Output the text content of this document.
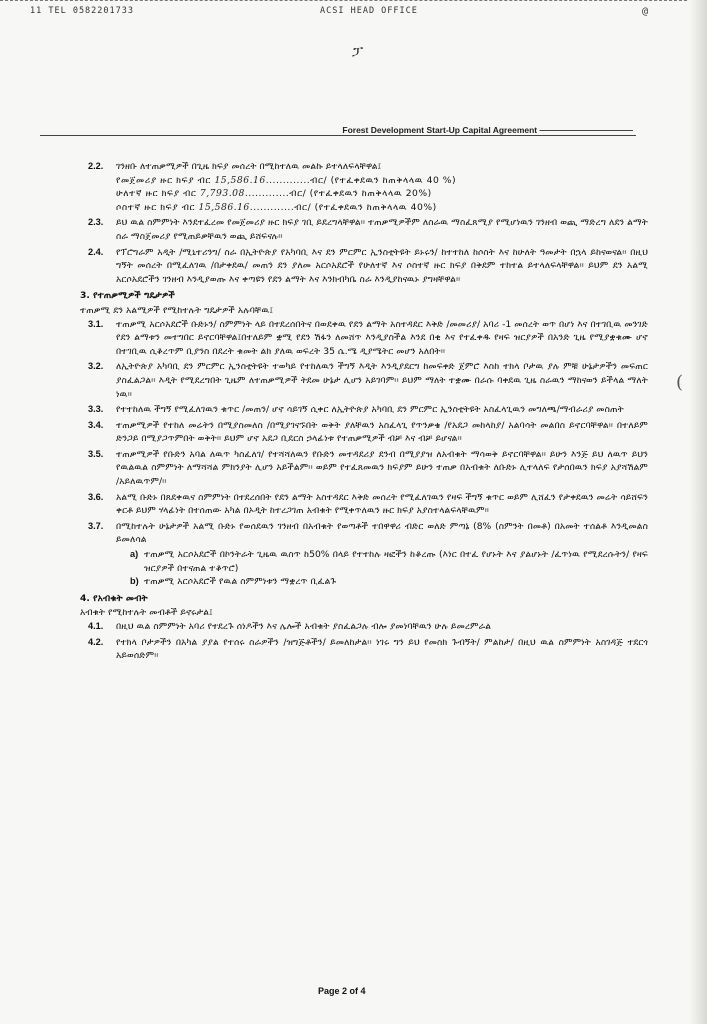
11 TEL 0582201733	ACSI HEAD OFFICE	@
ፓ
Forest Development Start-Up Capital Agreement ———————————
2.2. ገንዘቡ ለተጠቃሚዎች በጊዜ ክፍያ መሰረት በሚከተለዉ መልኩ ይተላለፍላቸዋል፤

የመጀመሪያ ዙር ክፍያ ብር 15,586.16.............ብር/ (የተፈቀደዉን ከጠቅላላዉ 40 %)

ሁለተኛ ዙር ክፍያ ብር 7,793.08.............ብር/ (የተፈቀደዉን ከጠቅላላዉ 20%)

ሶስተኛ ዙር ክፍያ ብር 15,586.16.............ብር/ (የተፈቀደዉን ከጠቅላላዉ 40%)

2.3. ይህ ዉል ስምምነት እንደተፈረመ የመጀመሪያ ዙር ክፍያ ገቢ ይደረግላቸዋል፡፡ ተጠቃሚዎችም ለስራዉ ማስፈጸሚያ የሚሆነዉን ገንዘብ ወጪ ማድረግ ለደን ልማት ስራ ማስጀመሪያ የሚጠይቃቸዉን ወጪ ይሸፍናሉ፡፡

2.4. የፕሮግራም አዲት /ሚኒተሪንግ/ ስራ በኢትዮጵያ የአካባቢ እና ደን ምርምር ኢንስቲትዩት ይኑሩን/ ከተተከለ ከሶስት እና ከሁለት ዓመታት በኋላ ይከናወናል፡፡ በዚህ ግኝት መሰረት በሚፈለገዉ /በታቀደዉ/ መጠን ደን ያለመ አርሶአደሮች የሁለተኛ እና ሶስተኛ ዙር ክፍያ በቅደም ተከተል ይተላለፍላቸዋል፡፡ ይህም ደን አልሚ አርሶአደሮችን ገንዘብ እንዲያወጡ እና ቀጣዩን የደን ልማት እና እንክብካቤ ስራ እንዲያከናዉኑ ያግዛቸዋል፡፡

3. የተጠቃሚዎች ግዴታዎች
ተጠቃሚ ደን አልሚዎች የሚከተሉት ግዴታዎች አሉባቸዉ፤
3.1. ተጠቃሚ አርሶአደሮች ቡድኑን/ ስምምነት ላይ በተደረሰበትና በወደቀዉ የደን ልማት አስተዳደር እቅድ /መመሪያ/ አባሪ -1 መሰረት ወጥ በሆነ እና በተገቢዉ መንገድ የደን ልማቱን መተግበር ይኖርባቸዋል፤በተለይም ቋሚ የደን ሽፋን ለመሸጥ እንዲያስችል እንደ በቂ እና የተፈቀዱ የዛፍ ዝርያዎች በአንድ ጊዜ የሚያቋቁሙ ሆኖ በተገቢዉ ሲቆረጥም ቢያንስ በደረት ቁመት ልክ ያለዉ ወፍረት 35 ሴ.ሜ ዲያሜትር መሆን አለበት፡፡

3.2. ለኢትዮጵያ አካባቢ ደን ምርምር ኢንስቲትዩት ተወካይ የተከለዉን ችግኝ እዲት እንዲያደርግ ከመፍቀድ ጀምሮ እስከ ተክላ ቦታዉ ያሉ ምቹ ሁኔታዎችን መፍጠር ያስፈልጋል፡፡ እዲት የሚደረግበት ጊዜም ለተጠቃሚዎች ትደመ ሁኔታ ሊሆን አይገባም፡፡ ይህም ማለት ተቋሙ በራሱ ባቀደዉ ጊዜ ስራዉን ማከናወን ይችላል ማለት ነዉ፡፡

3.3. የተተከለዉ ችግኝ የሚፈለገዉን ቁጥር /መጠን/ ሆኖ ሳይገኝ ሲቀር ለኢትዮጵያ አካባቢ ደን ምርምር ኢንስቲትዩት አስፈላጊዉን መግለጫ/ማብራሪያ መስጠት

3.4. ተጠቃሚዎች የተከለ መሬትን በሚያስመለስ /በሚያገናኙበት ወቅት ያለቸዉን አስፈላጊ የጥንቃቄ /የአደጋ መከላከያ/ አልባሳት መልበስ ይኖርባቸዋል፡፡ በተለይም ድንጋይ በሚያጋጥምበት ወቅት፡፡ ይህም ሆኖ አደጋ ቢደርስ ኃላፊነቱ የተጠቃሚዎች ብቻ እና ብቻ ይሆናል፡፡

3.5. ተጠቃሚዎች የቡድን አባል ለዉጥ ካስፈለገ/ የተሻሻለዉን የቡድን መተዳደሪያ ደንብ በሚያያዝ ለአብቁት ማሳወቅ ይኖርባቸዋል፡፡ ይሁን እንጅ ይህ ለዉጥ ይህን የዉልዉል ስምምነት ለማሻሻል ምክንያት ሊሆን አይችልም፡፡ ወይም የተፈጸመዉን ክፍያም ይሁን ተጠቃ በአብቁት ለቡድኑ ሊተላለፍ የታሰበዉን ክፍያ አያሻሽልም /አይለዉጥም/፡፡

3.6. አልሚ ቡድኑ በጸደቀዉና ስምምነት በተደረሰበት የደን ልማት አስተዳደር እቅድ መሰረት የሚፈለገዉን የዛፍ ችግኝ ቁጥር ወይም ሊሸፈን የታቀደዉን መሬት ሳይሸፍን ቀርቶ ይህም ሃላፊነት በተሰጠው አካል በኦዲት ከተረጋገጠ አብቁት የሚቀጥለዉን ዙር ክፍያ አያስተላልፍላቸዉም፡፡

3.7. በሚከተሉት ሁኔታዎች አልሚ ቡድኑ የወሰደዉን ገንዘብ በአብቁት የወጣቶች ተበዋዋሪ ብድር ወለድ ምጣኔ (8% (ስምንት በመቶ) በአመት ተሰልቶ እንዲመልስ ይመለሳል

a) ተጠቃሚ አርሶአደሮች በኮንትራት ጊዜዉ ዉስጥ ከ50% በላይ የተተከሉ ዛፎችን ከቆረጡ (እነር በተፈ የሆኑት እና ያልሆኑት /ፈጥነዉ የሚደረሱትን/ የዛፍ ዝርያዎች በተናጠል ተቆጥሮ)

b) ተጠቃሚ አርሶአደሮች የዉል ስምምነቱን ማቋረጥ ቢፈልጉ

4. የአብቁት መብት
አብቁት የሚከተሉት መብቶች ይኖሩታል፤
4.1. በዚህ ዉል ስምምነት አባሪ የተደረጉ ሰነዶችን እና ሌሎች አብቁት ያስፈልጋሉ ብሎ ያመነባቸዉን ሁሉ ይመረምራል

4.2. የተክላ ቦታዎችን በአካል ያያል የተሰሩ ስራዎችን /ዝግጅቶችን/ ይመለከታል፡፡ ነገሩ ግን ይህ የመስክ ጉብኝት/ ምልከታ/ በዚህ ዉል ስምምነት አስገዳጅ ተደርጎ አይወሰድም፡፡

(
Page 2 of 4
